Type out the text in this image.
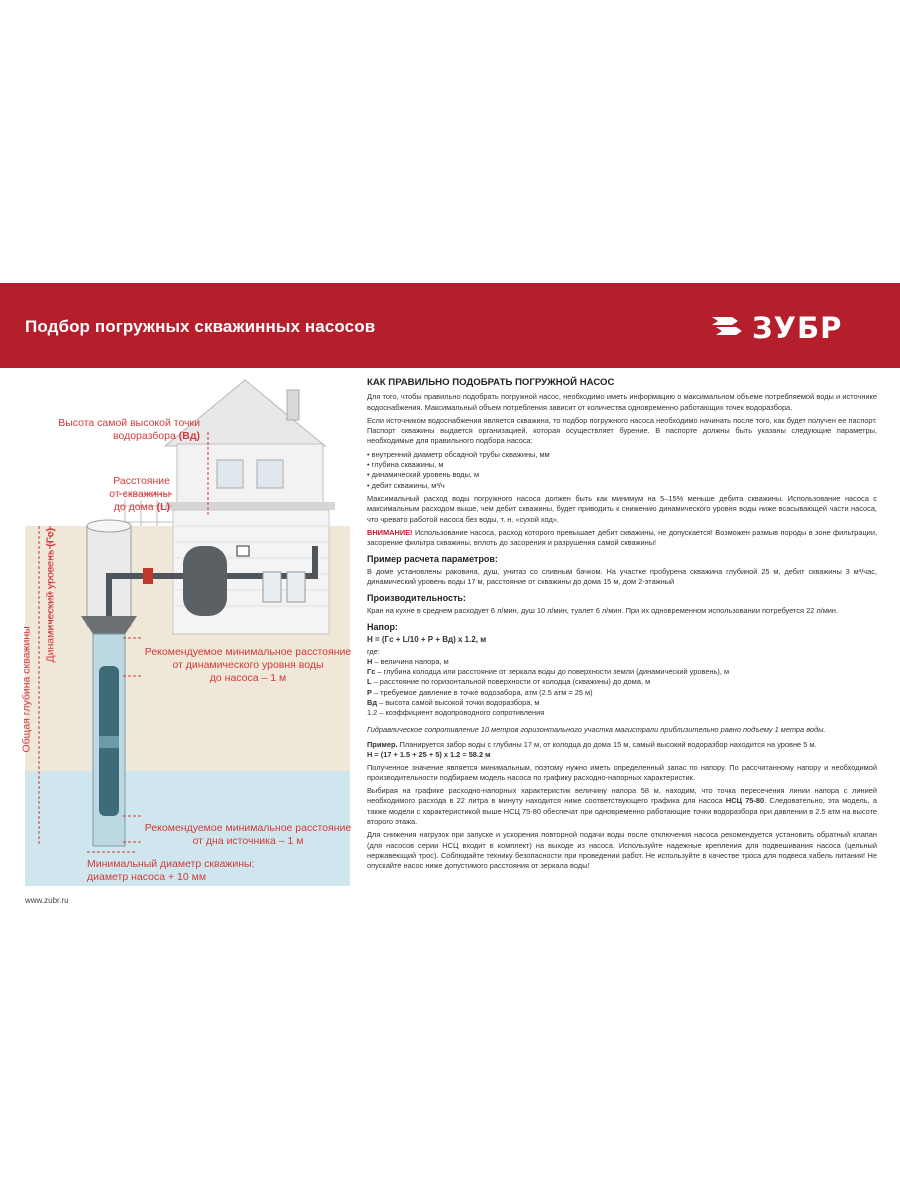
Подбор погружных скважинных насосов	ЗУБР
Высота самой высокой точки
водоразбора (Вд)
Расстояние
от скважины
до дома (L)
Динамический уровень (Гс)
Общая глубина скважины	Рекомендуемое минимальное расстояние
от динамического уровня воды
до насоса – 1 м
Рекомендуемое минимальное расстояние
от дна источника – 1 м
Минимальный диаметр скважины:
диаметр насоса + 10 мм
www.zubr.ru
КАК ПРАВИЛЬНО ПОДОБРАТЬ ПОГРУЖНОЙ НАСОС

Для того, чтобы правильно подобрать погружной насос, необходимо иметь информацию о максимальном объеме потребляемой воды и источнике водоснабжения. Максимальный объем потребления зависит от количества одновременно работающих точек водоразбора.

Если источником водоснабжения является скважина, то подбор погружного насоса необходимо начинать после того, как будет получен ее паспорт. Паспорт скважины выдается организацией, которая осуществляет бурение. В паспорте должны быть указаны следующие параметры, необходимые для правильного подбора насоса:

• внутренний диаметр обсадной трубы скважины, мм
• глубина скважины, м
• динамический уровень воды, м
• дебит скважины, м³/ч

Максимальный расход воды погружного насоса должен быть как минимум на 5–15% меньше дебита скважины. Использование насоса с максимальным расходом выше, чем дебит скважины, будет приводить к снижению динамического уровня воды ниже всасывающей части насоса, что чревато работой насоса без воды, т. н. «сухой ход».

ВНИМАНИЕ! Использование насоса, расход которого превышает дебит скважины, не допускается! Возможен размыв породы в зоне фильтрации, засорение фильтра скважины, вплоть до засорения и разрушения самой скважины!

Пример расчета параметров:

В доме установлены раковина, душ, унитаз со сливным бачком. На участке пробурена скважина глубиной 25 м, дебит скважины 3 м³/час, динамический уровень воды 17 м, расстояние от скважины до дома 15 м, дом 2-этажный

Производительность:

Кран на кухне в среднем расходует 6 л/мин, душ 10 л/мин, туалет 6 л/мин. При их одновременном использовании потребуется 22 л/мин.

Напор:
Н = (Гс + L/10 + Р + Вд) х 1.2, м
где:
Н – величина напора, м
Гс – глубина колодца или расстояние от зеркала воды до поверхности земли (динамический уровень), м
L – расстояние по горизонтальной поверхности от колодца (скважины) до дома, м
Р – требуемое давление в точке водозабора, атм (2.5 атм = 25 м)
Вд – высота самой высокой точки водоразбора, м
1.2 – коэффициент водопроводного сопротивления

Гидравлическое сопротивление 10 метров горизонтального участка магистрали приблизительно равно подъему 1 метра воды.

Пример. Планируется забор воды с глубины 17 м, от колодца до дома 15 м, самый высокий водоразбор находится на уровне 5 м.

Н = (17 + 1.5 + 25 + 5) х 1.2 = 58.2 м

Полученное значение является минимальным, поэтому нужно иметь определенный запас по напору. По рассчитанному напору и необходимой производительности подбираем модель насоса по графику расходно-напорных характеристик.

Выбирая на графике расходно-напорных характеристик величину напора 58 м, находим, что точка пересечения линии напора с линией необходимого расхода в 22 литра в минуту находится ниже соответствующего графика для насоса НСЦ 75-80. Следовательно, эта модель, а также модели с характеристикой выше НСЦ 75-80 обеспечат при одновременно работающие точки водоразбора при давлении в 2.5 атм на высоте второго этажа.

Для снижения нагрузок при запуске и ускорения повторной подачи воды после отключения насоса рекомендуется установить обратный клапан (для насосов серии НСЦ входит в комплект) на выходе из насоса. Используйте надежные крепления для подвешивания насоса (цельный нержавеющий трос). Соблюдайте технику безопасности при проведении работ. Не используйте в качестве троса для подвеса кабель питания! Не опускайте насос ниже допустимого расстояния от зеркала воды!
